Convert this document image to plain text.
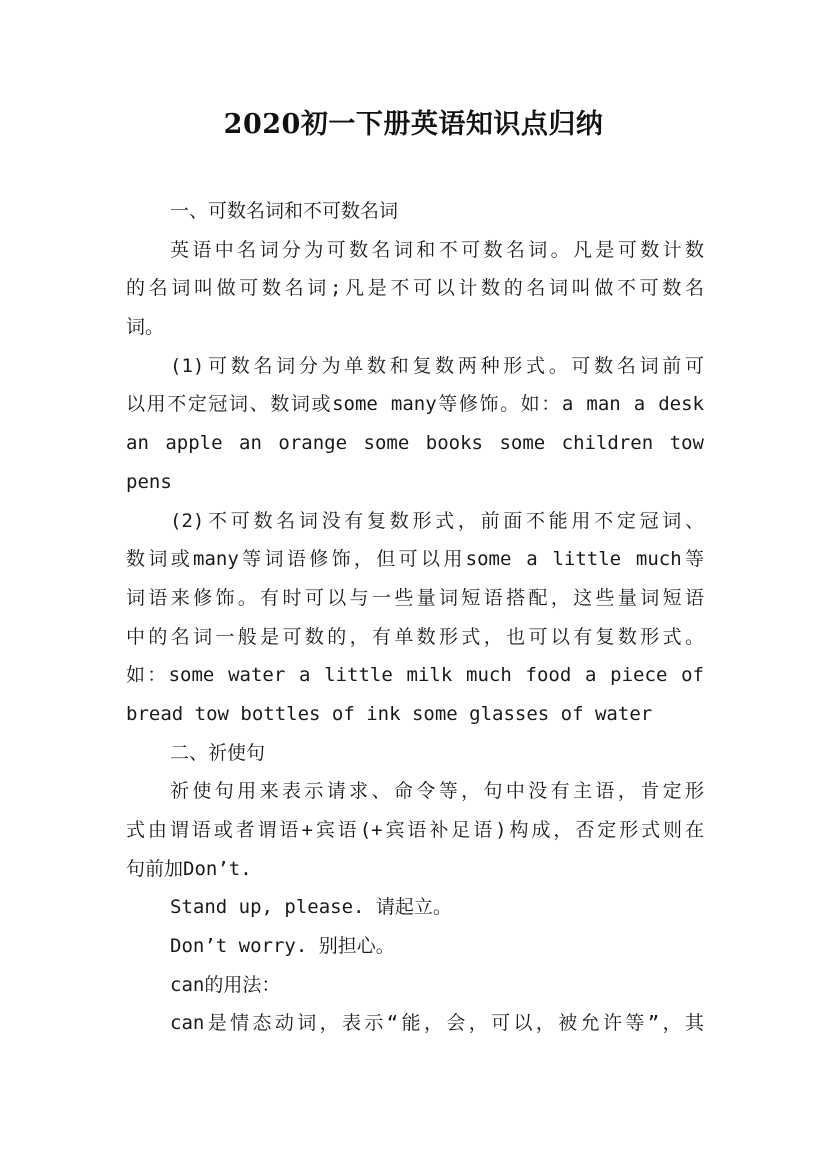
2020初一下册英语知识点归纳
一、可数名词和不可数名词
英语中名词分为可数名词和不可数名词。凡是可数计数
的名词叫做可数名词;凡是不可以计数的名词叫做不可数名
词。
(1)可数名词分为单数和复数两种形式。可数名词前可
以用不定冠词、数词或some many等修饰。如：a man a desk
an apple an orange some books some children tow
pens
(2)不可数名词没有复数形式，前面不能用不定冠词、
数词或many等词语修饰，但可以用some a little much等
词语来修饰。有时可以与一些量词短语搭配，这些量词短语
中的名词一般是可数的，有单数形式，也可以有复数形式。
如：some water a little milk much food a piece of
bread tow bottles of ink some glasses of water
二、祈使句
祈使句用来表示请求、命令等，句中没有主语，肯定形
式由谓语或者谓语+宾语(+宾语补足语)构成，否定形式则在
句前加Don’t.
Stand up, please. 请起立。
Don’t worry. 别担心。
can的用法：
can是情态动词，表示“能，会，可以，被允许等”，其
